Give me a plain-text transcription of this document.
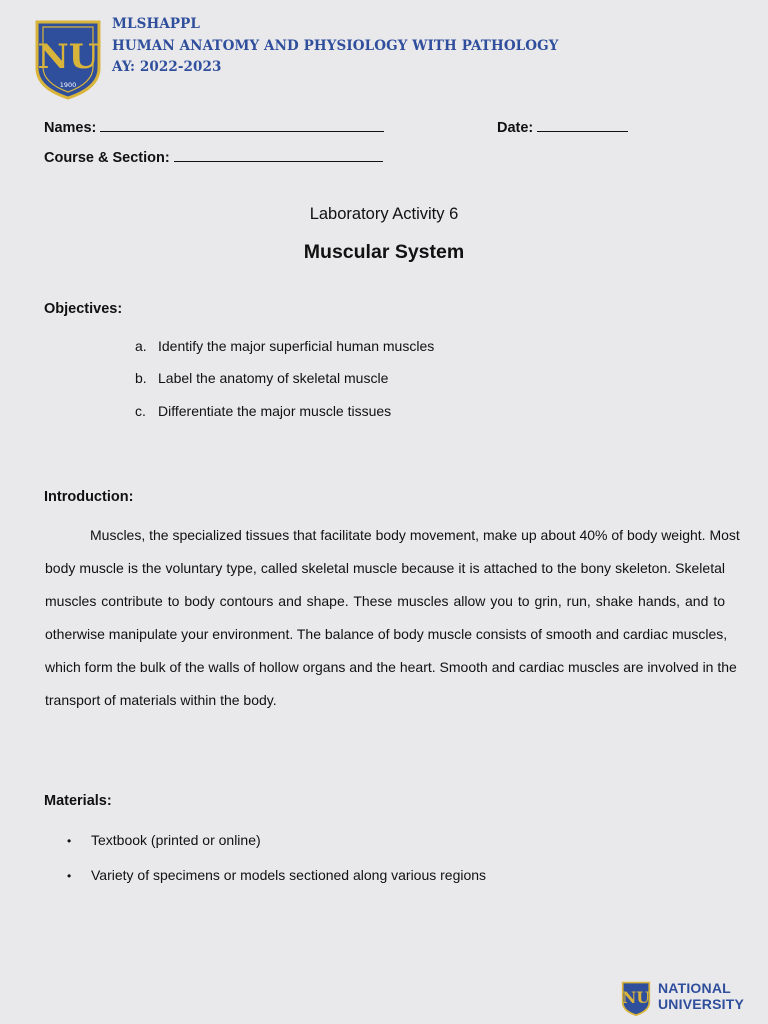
NU
1900
MLSHAPPL
HUMAN ANATOMY AND PHYSIOLOGY WITH PATHOLOGY
AY: 2022-2023
Names:	Date:
Course & Section:
Laboratory Activity 6
Muscular System
Objectives:
a. Identify the major superficial human muscles
b. Label the anatomy of skeletal muscle
c. Differentiate the major muscle tissues
Introduction:
Muscles, the specialized tissues that facilitate body movement, make up about 40% of body weight. Most
body muscle is the voluntary type, called skeletal muscle because it is attached to the bony skeleton. Skeletal
muscles contribute to body contours and shape. These muscles allow you to grin, run, shake hands, and to
otherwise manipulate your environment. The balance of body muscle consists of smooth and cardiac muscles,
which form the bulk of the walls of hollow organs and the heart. Smooth and cardiac muscles are involved in the
transport of materials within the body.
Materials:
• Textbook (printed or online)
• Variety of specimens or models sectioned along various regions
NU
NATIONAL
UNIVERSITY
